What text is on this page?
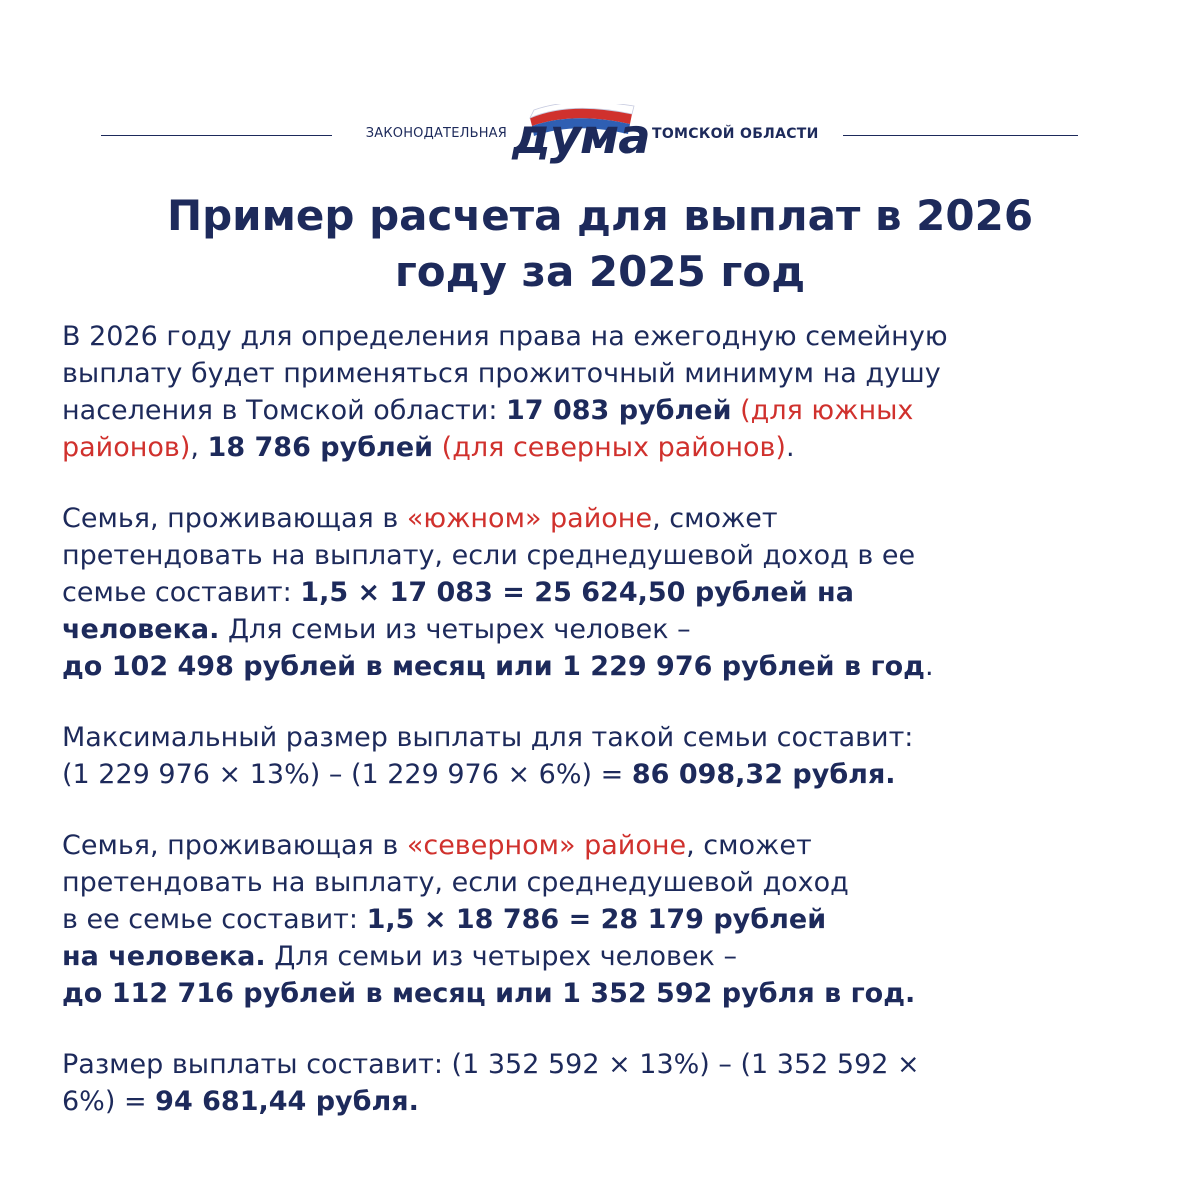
ЗАКОНОДАТЕЛЬНАЯ дума ТОМСКОЙ ОБЛАСТИ
Пример расчета для выплат в 2026
году за 2025 год
В 2026 году для определения права на ежегодную семейную
выплату будет применяться прожиточный минимум на душу
населения в Томской области: 17 083 рублей (для южных
районов), 18 786 рублей (для северных районов).
Семья, проживающая в «южном» районе, сможет
претендовать на выплату, если среднедушевой доход в ее
семье составит: 1,5 × 17 083 = 25 624,50 рублей на
человека. Для семьи из четырех человек –
до 102 498 рублей в месяц или 1 229 976 рублей в год.
Максимальный размер выплаты для такой семьи составит:
(1 229 976 × 13%) – (1 229 976 × 6%) = 86 098,32 рубля.
Семья, проживающая в «северном» районе, сможет
претендовать на выплату, если среднедушевой доход
в ее семье составит: 1,5 × 18 786 = 28 179 рублей
на человека. Для семьи из четырех человек –
до 112 716 рублей в месяц или 1 352 592 рубля в год.
Размер выплаты составит: (1 352 592 × 13%) – (1 352 592 ×
6%) = 94 681,44 рубля.
